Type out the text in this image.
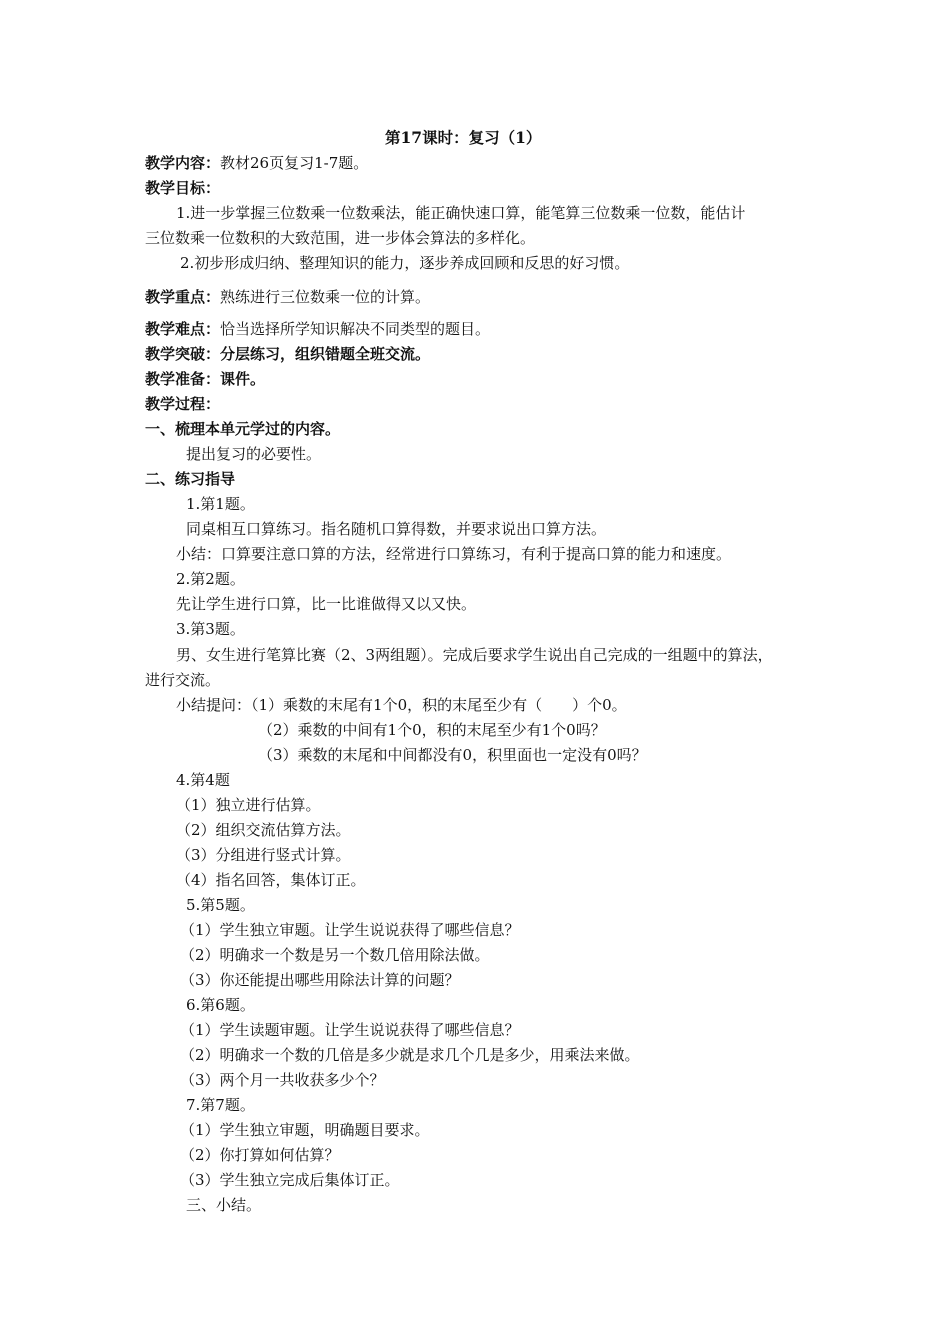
第17课时：复习（1）
教学内容：教材26页复习1-7题。
教学目标：
1.进一步掌握三位数乘一位数乘法，能正确快速口算，能笔算三位数乘一位数，能估计
三位数乘一位数积的大致范围，进一步体会算法的多样化。
2.初步形成归纳、整理知识的能力，逐步养成回顾和反思的好习惯。
教学重点：熟练进行三位数乘一位的计算。
教学难点：恰当选择所学知识解决不同类型的题目。
教学突破：分层练习，组织错题全班交流。
教学准备：课件。
教学过程：
一、梳理本单元学过的内容。
提出复习的必要性。
二、练习指导
1.第1题。
同桌相互口算练习。指名随机口算得数，并要求说出口算方法。
小结：口算要注意口算的方法，经常进行口算练习，有利于提高口算的能力和速度。
2.第2题。
先让学生进行口算，比一比谁做得又以又快。
3.第3题。
男、女生进行笔算比赛（2、3两组题）。完成后要求学生说出自己完成的一组题中的算法，
进行交流。
小结提问：（1）乘数的末尾有1个0，积的末尾至少有（　　）个0。
（2）乘数的中间有1个0，积的末尾至少有1个0吗？
（3）乘数的末尾和中间都没有0，积里面也一定没有0吗？
4.第4题
（1）独立进行估算。
（2）组织交流估算方法。
（3）分组进行竖式计算。
（4）指名回答，集体订正。
5.第5题。
（1）学生独立审题。让学生说说获得了哪些信息？
（2）明确求一个数是另一个数几倍用除法做。
（3）你还能提出哪些用除法计算的问题？
6.第6题。
（1）学生读题审题。让学生说说获得了哪些信息？
（2）明确求一个数的几倍是多少就是求几个几是多少，用乘法来做。
（3）两个月一共收获多少个？
7.第7题。
（1）学生独立审题，明确题目要求。
（2）你打算如何估算？
（3）学生独立完成后集体订正。
三、小结。
